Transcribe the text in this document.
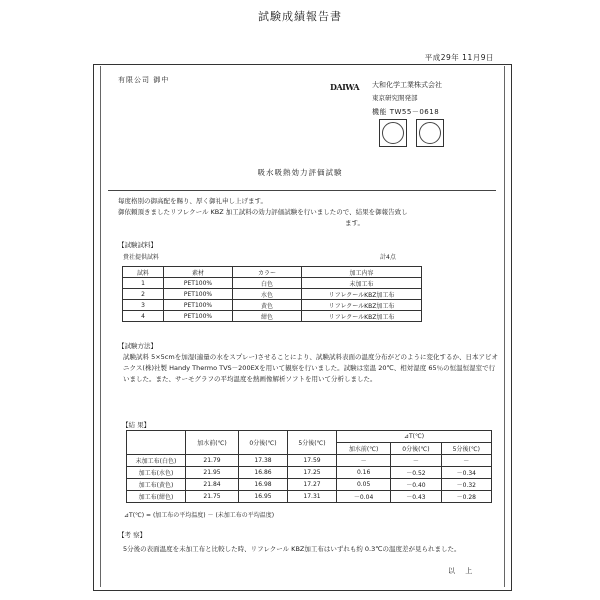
試験成績報告書
平成29年 11月9日
有限公司 御中
DAIWA 大和化学工業株式会社
東京研究開発部
機能 TW55－0618
吸水吸熱効力評価試験
毎度格別の御高配を賜り、厚く御礼申し上げます。
御依頼頂きましたリフレクール KBZ 加工試料の効力評価試験を行いましたので、結果を御報告致し
ます。
【試験試料】
貴社提供試料	計4点
試料	素材	カラー	加工内容
1	PET100%	白色	未加工布
2	PET100%	水色	リフレクールKBZ加工布
3	PET100%	黄色	リフレクールKBZ加工布
4	PET100%	紺色	リフレクールKBZ加工布
【試験方法】
試験試料 5×5cmを加湿(適量の水をスプレー)させることにより、試験試料表面の温度分布がどのように変化するか、日本アビオニクス(株)社製 Handy Thermo TVS－200EXを用いて観察を行いました。試験は室温 20℃、相対湿度 65％の恒温恒湿室で行いました。また、サーモグラフの平均温度を熱画像解析ソフトを用いて分析しました。
【結 果】
	加水前(℃)	0分後(℃)	5分後(℃)	⊿T(℃)		
				加水前(℃)	0分後(℃)	5分後(℃)
未加工布(白色)	21.79	17.38	17.59	－	－	－
加工布(水色)	21.95	16.86	17.25	0.16	－0.52	－0.34
加工布(黄色)	21.84	16.98	17.27	0.05	－0.40	－0.32
加工布(紺色)	21.75	16.95	17.31	－0.04	－0.43	－0.28
⊿T(℃) = (加工布の平均温度) － (未加工布の平均温度)
【考 察】
5分後の表面温度を未加工布と比較した時、リフレクール KBZ加工布はいずれも約 0.3℃の温度差が見られました。
以 上
